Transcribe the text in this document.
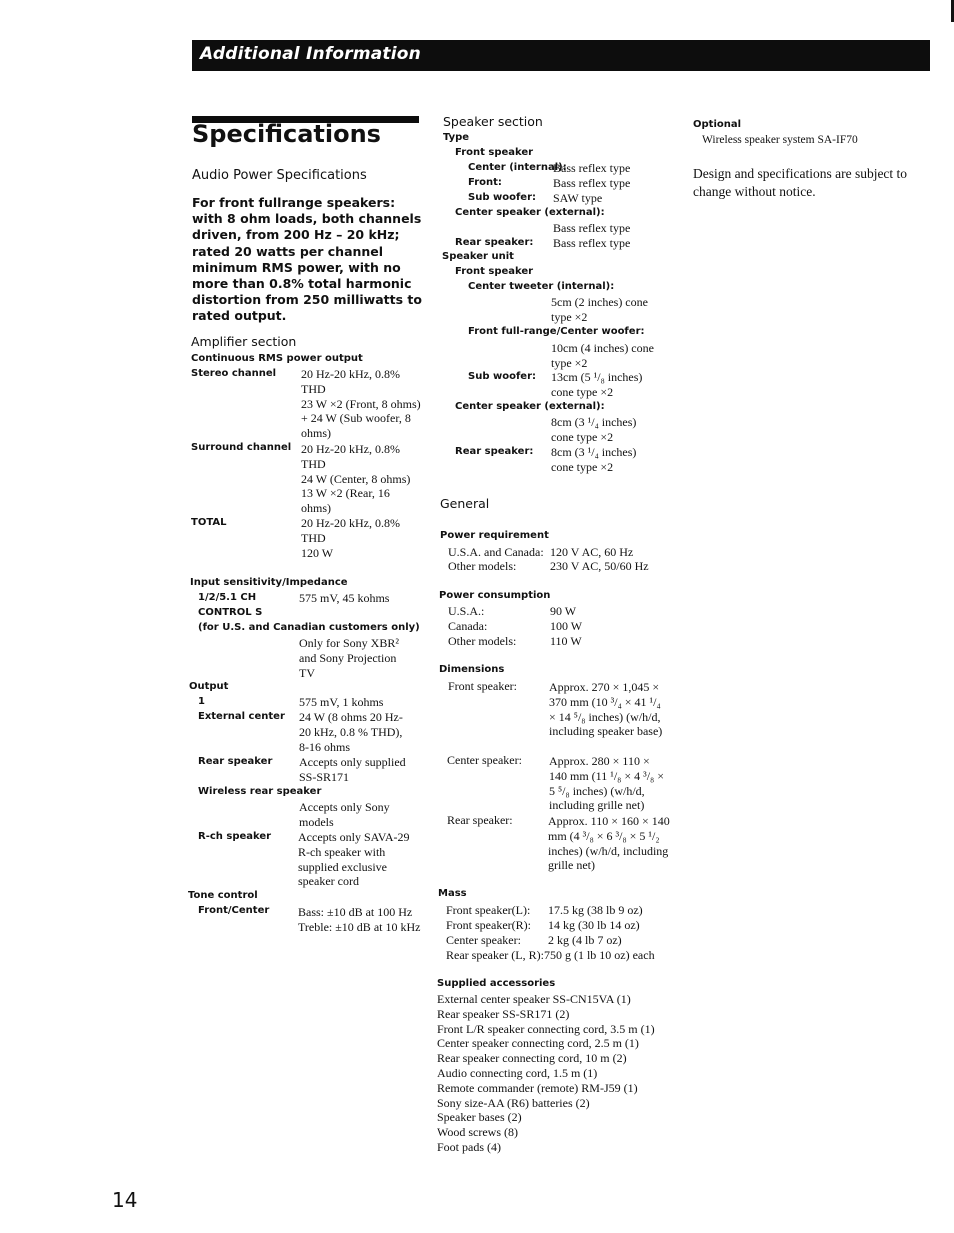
Additional Information
Specifications
Audio Power Specifications
For front fullrange speakers: with 8 ohm loads, both channels driven, from 200 Hz – 20 kHz; rated 20 watts per channel minimum RMS power, with no more than 0.8% total harmonic distortion from 250 milliwatts to rated output.
Amplifier section
Continuous RMS power output
Stereo channel 20 Hz-20 kHz, 0.8% THD
23 W ×2 (Front, 8 ohms) + 24 W (Sub woofer, 8 ohms)
Surround channel 20 Hz-20 kHz, 0.8% THD
24 W (Center, 8 ohms)
13 W ×2 (Rear, 16 ohms)
TOTAL	20 Hz-20 kHz, 0.8% THD
120 W
Input sensitivity/Impedance
1/2/5.1 CH	575 mV, 45 kohms
CONTROL S
(for U.S. and Canadian customers only)
Only for Sony XBR² and Sony Projection TV
Output
1	575 mV, 1 kohms
External center 24 W (8 ohms 20 Hz-20 kHz, 0.8 % THD), 8-16 ohms
Rear speaker Accepts only supplied SS-SR171
Wireless rear speaker
Accepts only Sony models
R-ch speaker Accepts only SAVA-29 R-ch speaker with supplied exclusive speaker cord
Tone control
Front/Center Bass: ±10 dB at 100 Hz
Treble: ±10 dB at 10 kHz
Speaker section
Type
Front speaker
Center (internal):
Bass reflex type
Front:	Bass reflex type
Sub woofer: SAW type
Center speaker (external):
Bass reflex type
Rear speaker: Bass reflex type
Speaker unit
Front speaker
Center tweeter (internal):
5cm (2 inches) cone type ×2
Front full-range/Center woofer:
10cm (4 inches) cone type ×2
Sub woofer: 13cm (5 ¹/₈ inches) cone type ×2
Center speaker (external):
8cm (3 ¹/₄ inches) cone type ×2
Rear speaker: 8cm (3 ¹/₄ inches) cone type ×2
General
Power requirement
U.S.A. and Canada: 120 V AC, 60 Hz
Other models:	230 V AC, 50/60 Hz
Power consumption
U.S.A.:	90 W
Canada:	100 W
Other models:	110 W
Dimensions
Front speaker:	Approx. 270 × 1,045 × 370 mm (10 ³/₄ × 41 ¹/₄ × 14 ⁵/₈ inches) (w/h/d, including speaker base)
Center speaker: Approx. 280 × 110 × 140 mm (11 ¹/₈ × 4 ³/₈ × 5 ⁵/₈ inches) (w/h/d, including grille net)
Rear speaker:	Approx. 110 × 160 × 140 mm (4 ³/₈ × 6 ³/₈ × 5 ¹/₂ inches) (w/h/d, including grille net)
Mass
Front speaker(L): 17.5 kg (38 lb 9 oz)
Front speaker(R): 14 kg (30 lb 14 oz)
Center speaker: 2 kg (4 lb 7 oz)
Rear speaker (L, R):750 g (1 lb 10 oz) each
Supplied accessories
External center speaker SS-CN15VA (1)
Rear speaker SS-SR171 (2)
Front L/R speaker connecting cord, 3.5 m (1)
Center speaker connecting cord, 2.5 m (1)
Rear speaker connecting cord, 10 m (2)
Audio connecting cord, 1.5 m (1)
Remote commander (remote) RM-J59 (1)
Sony size-AA (R6) batteries (2)
Speaker bases (2)
Wood screws (8)
Foot pads (4)
Optional
Wireless speaker system SA-IF70
Design and specifications are subject to change without notice.
14
